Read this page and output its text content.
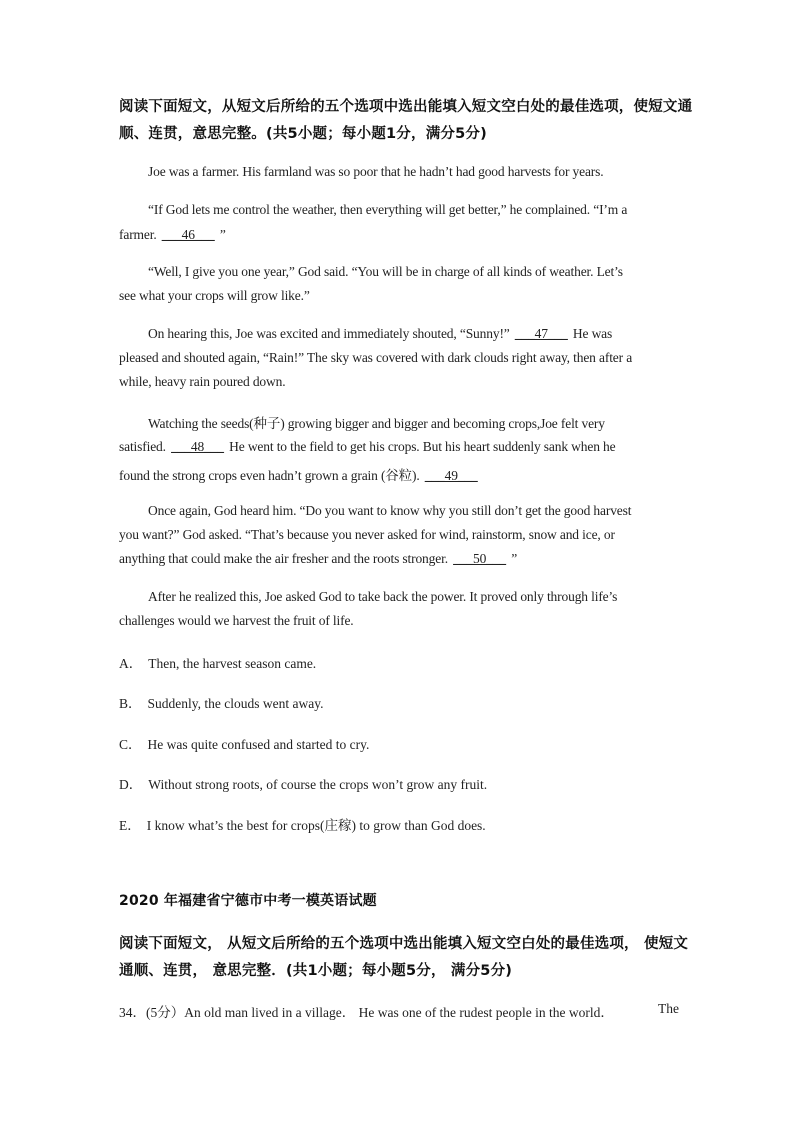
阅读下面短文，从短文后所给的五个选项中选出能填入短文空白处的最佳选项，使短文通
顺、连贯，意思完整。(共5小题；每小题1分，满分5分)
Joe was a farmer. His farmland was so poor that he hadn’t had good harvests for years.
“If God lets me control the weather, then everything will get better,” he complained. “I’m a
farmer. ___46___ ”
“Well, I give you one year,” God said. “You will be in charge of all kinds of weather. Let’s
see what your crops will grow like.”
On hearing this, Joe was excited and immediately shouted, “Sunny!” ___47___ He was
pleased and shouted again, “Rain!” The sky was covered with dark clouds right away, then after a
while, heavy rain poured down.
Watching the seeds(种子) growing bigger and bigger and becoming crops,Joe felt very
satisfied. ___48___ He went to the field to get his crops. But his heart suddenly sank when he
found the strong crops even hadn’t grown a grain (谷粒). ___49___
Once again, God heard him. “Do you want to know why you still don’t get the good harvest
you want?” God asked. “That’s because you never asked for wind, rainstorm, snow and ice, or
anything that could make the air fresher and the roots stronger. ___50___ ”
After he realized this, Joe asked God to take back the power. It proved only through life’s
challenges would we harvest the fruit of life.
A． Then, the harvest season came.
B． Suddenly, the clouds went away.
C． He was quite confused and started to cry.
D． Without strong roots, of course the crops won’t grow any fruit.
E． I know what’s the best for crops(庄稼) to grow than God does.
2020 年福建省宁德市中考一模英语试题
阅读下面短文， 从短文后所给的五个选项中选出能填入短文空白处的最佳选项， 使短文
通顺、连贯， 意思完整．(共1小题；每小题5分， 满分5分)
34．(5分）An old man lived in a village． He was one of the rudest people in the world．	The
